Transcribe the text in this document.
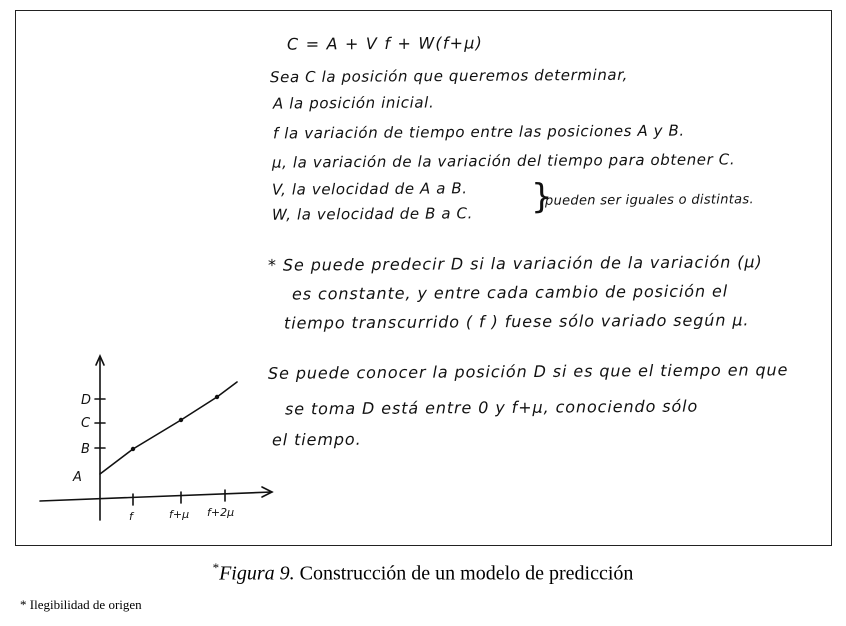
C = A + V f + W(f+μ)
Sea C la posición que queremos determinar,
A la posición inicial.
f la variación de tiempo entre las posiciones A y B.
μ, la variación de la variación del tiempo para obtener C.
V, la velocidad de A a B.
W, la velocidad de B a C. }
pueden ser iguales o distintas.
* Se puede predecir D si la variación de la variación (μ)
es constante, y entre cada cambio de posición el
tiempo transcurrido ( f ) fuese sólo variado según μ.
Se puede conocer la posición D si es que el tiempo en que
se toma D está entre 0 y f+μ, conociendo sólo
el tiempo.
A
B
C
D
f	f+μ f+2μ
*Figura 9. Construcción de un modelo de predicción
* Ilegibilidad de origen
